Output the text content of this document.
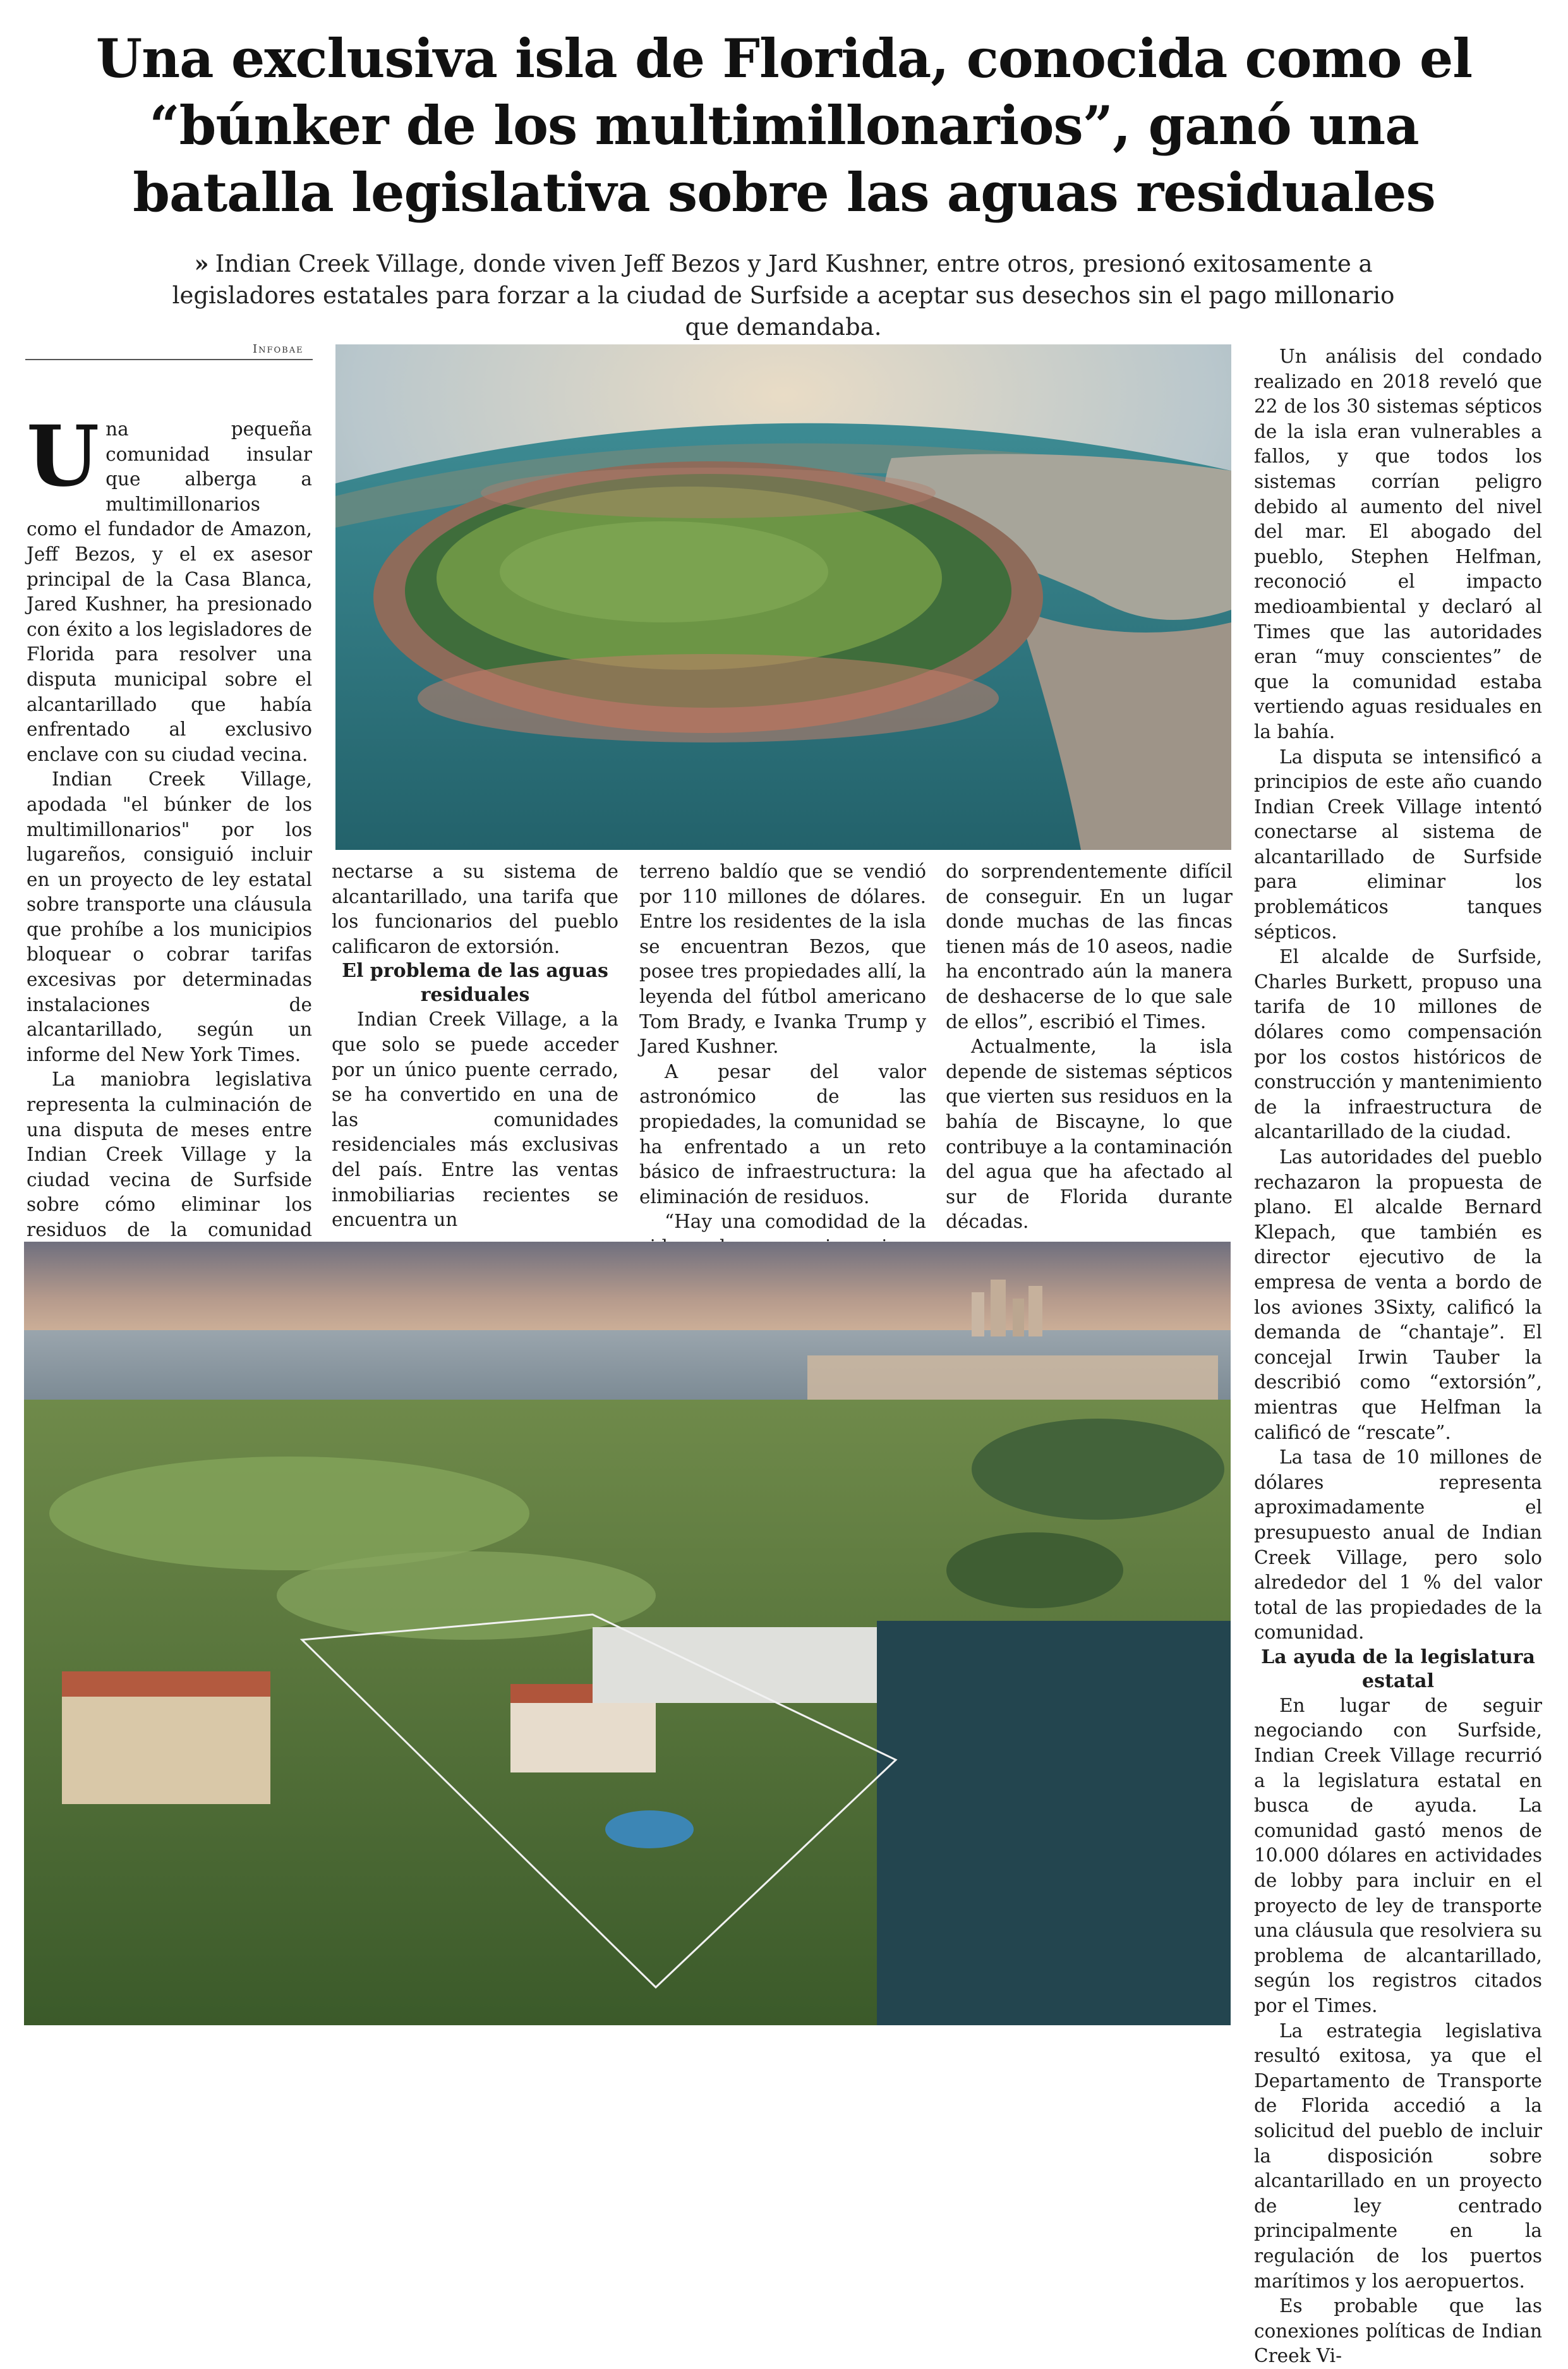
Una exclusiva isla de Florida, conocida como el “búnker de los multimillonarios”, ganó una batalla legislativa sobre las aguas residuales
» Indian Creek Village, donde viven Jeff Bezos y Jard Kushner, entre otros, presionó exitosamente a legisladores estatales para forzar a la ciudad de Surfside a aceptar sus desechos sin el pago millonario que demandaba.
Infobae

Una pequeña comunidad insular que alberga a multimillonarios como el fundador de Amazon, Jeff Bezos, y el ex asesor principal de la Casa Blanca, Jared Kushner, ha presionado con éxito a los legisladores de Florida para resolver una disputa municipal sobre el alcantarillado que había enfrentado al exclusivo enclave con su ciudad vecina.

Indian Creek Village, apodada "el búnker de los multimillonarios" por los lugareños, consiguió incluir en un proyecto de ley estatal sobre transporte una cláusula que prohíbe a los municipios bloquear o cobrar tarifas excesivas por determinadas instalaciones de alcantarillado, según un informe del New York Times.

La maniobra legislativa representa la culminación de una disputa de meses entre Indian Creek Village y la ciudad vecina de Surfside sobre cómo eliminar los residuos de la comunidad

nectarse a su sistema de alcantarillado, una tarifa que los funcionarios del pueblo calificaron de extorsión.

El problema de las aguas residuales

Indian Creek Village, a la que solo se puede acceder por un único puente cerrado, se ha convertido en una de las comunidades residenciales más exclusivas del país. Entre las ventas inmobiliarias recientes se encuentra un

terreno baldío que se vendió por 110 millones de dólares. Entre los residentes de la isla se encuentran Bezos, que posee tres propiedades allí, la leyenda del fútbol americano Tom Brady, e Ivanka Trump y Jared Kushner.

A pesar del valor astronómico de las propiedades, la comunidad se ha enfrentado a un reto básico de infraestructura: la eliminación de residuos.

“Hay una comodidad de la

do sorprendentemente difícil de conseguir. En un lugar donde muchas de las fincas tienen más de 10 aseos, nadie ha encontrado aún la manera de deshacerse de lo que sale de ellos”, escribió el Times.

Actualmente, la isla depende de sistemas sépticos que vierten sus residuos en la bahía de Biscayne, lo que contribuye a la contaminación del agua que ha afectado al sur de Florida durante décadas.

Un análisis del condado realizado en 2018 reveló que 22 de los 30 sistemas sépticos de la isla eran vulnerables a fallos, y que todos los sistemas corrían peligro debido al aumento del nivel del mar. El abogado del pueblo, Stephen Helfman, reconoció el impacto medioambiental y declaró al Times que las autoridades eran “muy conscientes” de que la comunidad estaba vertiendo aguas residuales en la bahía.

La disputa se intensificó a principios de este año cuando Indian Creek Village intentó conectarse al sistema de alcantarillado de Surfside para eliminar los problemáticos tanques sépticos.

El alcalde de Surfside, Charles Burkett, propuso una tarifa de 10 millones de dólares como compensación por los costos históricos de construcción y mantenimiento de la infraestructura de alcantarillado de la ciudad.

Las autoridades del pueblo rechazaron la propuesta de plano. El alcalde Bernard Klepach, que también es director ejecutivo de la empresa de venta a bordo de los aviones 3Sixty, calificó la demanda de “chantaje”. El concejal Irwin Tauber la describió como “extorsión”, mientras que Helfman la calificó de “rescate”.

La tasa de 10 millones de dólares representa aproximadamente el presupuesto anual de Indian Creek Village, pero solo alrededor del 1 % del valor total de las propiedades de la comunidad.

La ayuda de la legislatura estatal

En lugar de seguir negociando con Surfside, Indian Creek Village recurrió a la legislatura estatal en busca de ayuda. La comunidad gastó menos de 10.000 dólares en actividades de lobby para incluir en el proyecto de ley de transporte una cláusula que resolviera su problema de alcantarillado, según los registros citados por el Times.

La estrategia legislativa resultó exitosa, ya que el Departamento de Transporte de Florida accedió a la solicitud del pueblo de incluir la disposición sobre alcantarillado en un proyecto de ley centrado principalmente en la regulación de los puertos marítimos y los aeropuertos.

Es probable que las conexiones políticas de Indian Creek Vi-
